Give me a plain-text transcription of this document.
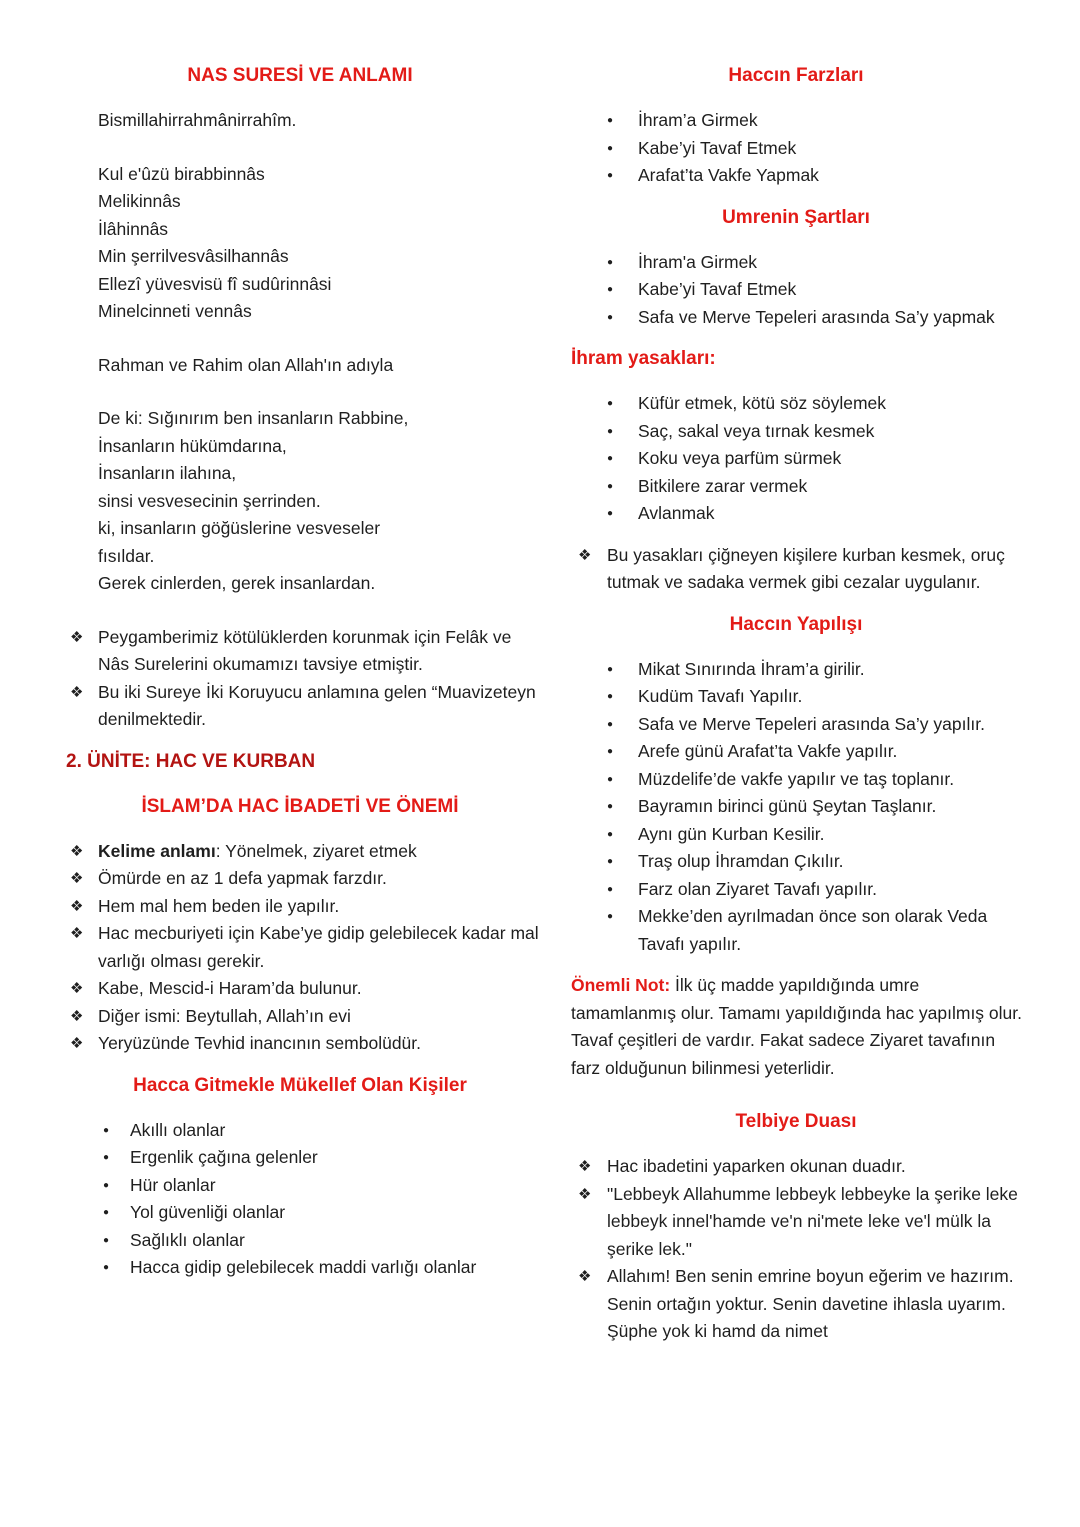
NAS SURESİ VE ANLAMI
Bismillahirrahmânirrahîm.
Kul e'ûzü birabbinnâs
Melikinnâs
İlâhinnâs
Min şerrilvesvâsilhannâs
Ellezî yüvesvisü fî sudûrinnâsi
Minelcinneti vennâs
Rahman ve Rahim olan Allah'ın adıyla
De ki: Sığınırım ben insanların Rabbine,
İnsanların hükümdarına,
İnsanların ilahına,
sinsi vesvesecinin şerrinden.
ki, insanların göğüslerine vesveseler
fısıldar.
Gerek cinlerden, gerek insanlardan.
❖ Peygamberimiz kötülüklerden korunmak için Felâk ve Nâs Surelerini okumamızı tavsiye etmiştir.
❖ Bu iki Sureye İki Koruyucu anlamına gelen “Muavizeteyn denilmektedir.
2. ÜNİTE: HAC VE KURBAN
İSLAM’DA HAC İBADETİ VE ÖNEMİ
❖ Kelime anlamı: Yönelmek, ziyaret etmek
❖ Ömürde en az 1 defa yapmak farzdır.
❖ Hem mal hem beden ile yapılır.
❖ Hac mecburiyeti için Kabe’ye gidip gelebilecek kadar mal varlığı olması gerekir.
❖ Kabe, Mescid-i Haram’da bulunur.
❖ Diğer ismi: Beytullah, Allah’ın evi
❖ Yeryüzünde Tevhid inancının sembolüdür.
Hacca Gitmekle Mükellef Olan Kişiler
●	Akıllı olanlar
●	Ergenlik çağına gelenler
●	Hür olanlar
●	Yol güvenliği olanlar
●	Sağlıklı olanlar
●	Hacca gidip gelebilecek maddi varlığı olanlar
Haccın Farzları
●	İhram’a Girmek
●	Kabe’yi Tavaf Etmek
●	Arafat’ta Vakfe Yapmak
Umrenin Şartları
●	İhram'a Girmek
●	Kabe’yi Tavaf Etmek
●	Safa ve Merve Tepeleri arasında Sa’y yapmak
İhram yasakları:
●	Küfür etmek, kötü söz söylemek
●	Saç, sakal veya tırnak kesmek
●	Koku veya parfüm sürmek
●	Bitkilere zarar vermek
●	Avlanmak
❖ Bu yasakları çiğneyen kişilere kurban kesmek, oruç tutmak ve sadaka vermek gibi cezalar uygulanır.
Haccın Yapılışı
●	Mikat Sınırında İhram’a girilir.
●	Kudüm Tavafı Yapılır.
●	Safa ve Merve Tepeleri arasında Sa’y yapılır.
●	Arefe günü Arafat’ta Vakfe yapılır.
●	Müzdelife’de vakfe yapılır ve taş toplanır.
●	Bayramın birinci günü Şeytan Taşlanır.
●	Aynı gün Kurban Kesilir.
●	Traş olup İhramdan Çıkılır.
●	Farz olan Ziyaret Tavafı yapılır.
●	Mekke’den ayrılmadan önce son olarak Veda Tavafı yapılır.
Önemli Not: İlk üç madde yapıldığında umre tamamlanmış olur. Tamamı yapıldığında hac yapılmış olur. Tavaf çeşitleri de vardır. Fakat sadece Ziyaret tavafının farz olduğunun bilinmesi yeterlidir.
Telbiye Duası
❖ Hac ibadetini yaparken okunan duadır.
❖ "Lebbeyk Allahumme lebbeyk lebbeyke la şerike leke lebbeyk innel'hamde ve'n ni'mete leke ve'l mülk la şerike lek."
❖ Allahım! Ben senin emrine boyun eğerim ve hazırım. Senin ortağın yoktur. Senin davetine ihlasla uyarım. Şüphe yok ki hamd da nimet
